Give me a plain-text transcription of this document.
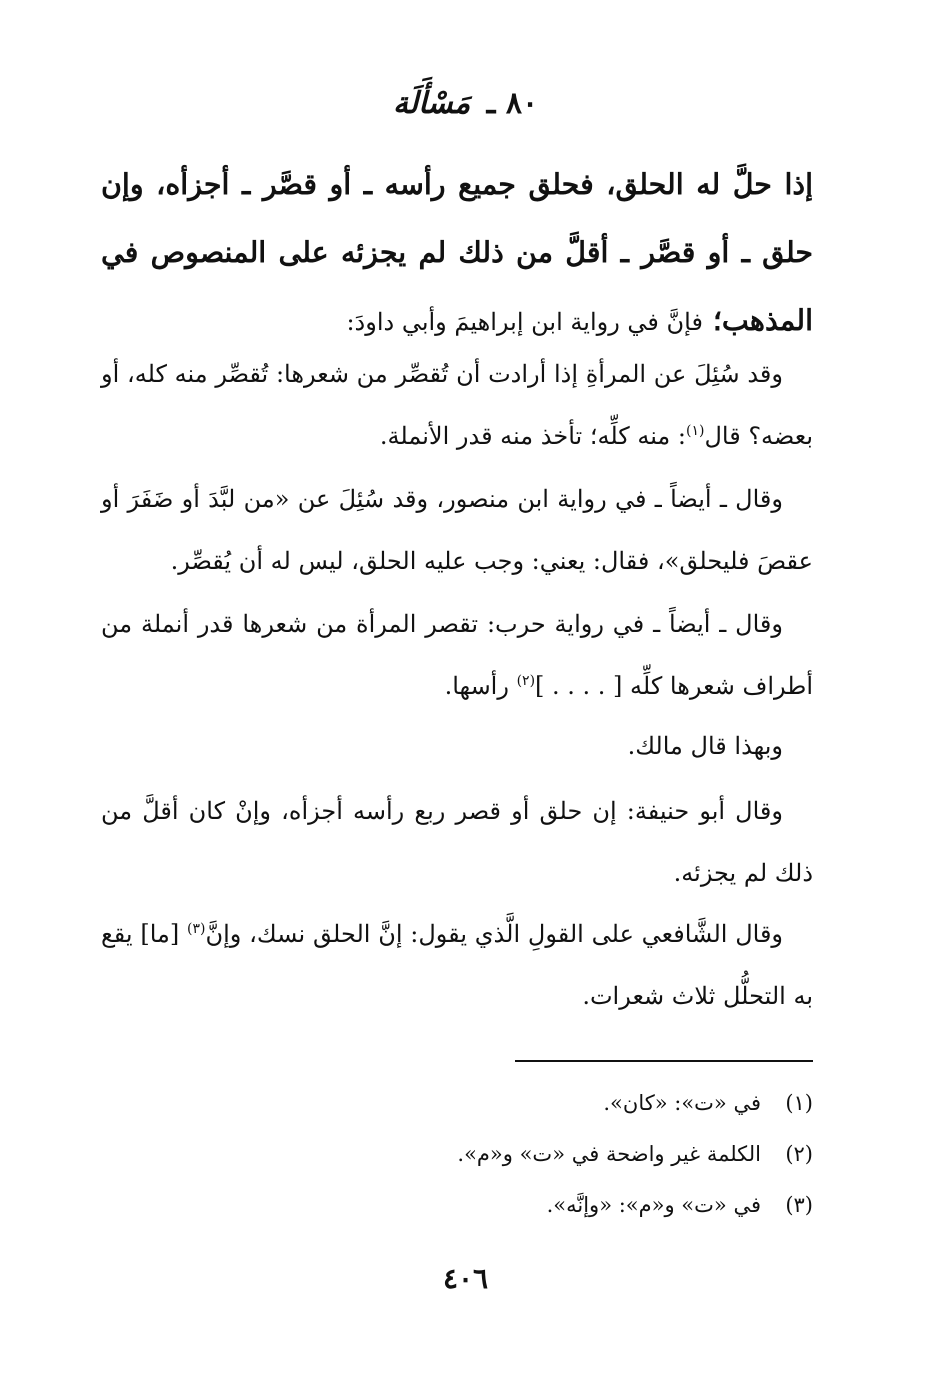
٨٠ ـ مَسْأَلَة

إذا حلَّ له الحلق، فحلق جميع رأسه ـ أو قصَّر ـ أجزأه، وإن حلق ـ أو قصَّر ـ أقلَّ من ذلك لم يجزئه على المنصوص في المذهب؛ فإنَّ في رواية ابن إبراهيمَ وأبي داودَ:

وقد سُئِلَ عن المرأةِ إذا أرادت أن تُقصِّر من شعرها: تُقصِّر منه كله، أو بعضه؟ قال$^{(١)}$: منه كلِّه؛ تأخذ منه قدر الأنملة.

وقال ـ أيضاً ـ في رواية ابن منصور، وقد سُئِلَ عن «من لبَّدَ أو ضَفَرَ أو عقصَ فليحلق»، فقال: يعني: وجب عليه الحلق، ليس له أن يُقصِّر.

وقال ـ أيضاً ـ في رواية حرب: تقصر المرأة من شعرها قدر أنملة من أطراف شعرها كلِّه [ . . . . ]$^{(٢)}$ رأسها.

وبهذا قال مالك.

وقال أبو حنيفة: إن حلق أو قصر ربع رأسه أجزأه، وإنْ كان أقلَّ من ذلك لم يجزئه.

وقال الشَّافعي على القولِ الَّذي يقول: إنَّ الحلق نسك، وإنَّ$^{(٣)}$ [ما] يقع به التحلُّل ثلاث شعرات.

(١)في «ت»: «كان».
(٢)الكلمة غير واضحة في «ت» و«م».
(٣)في «ت» و«م»: «وإنَّه».
٤٠٦
